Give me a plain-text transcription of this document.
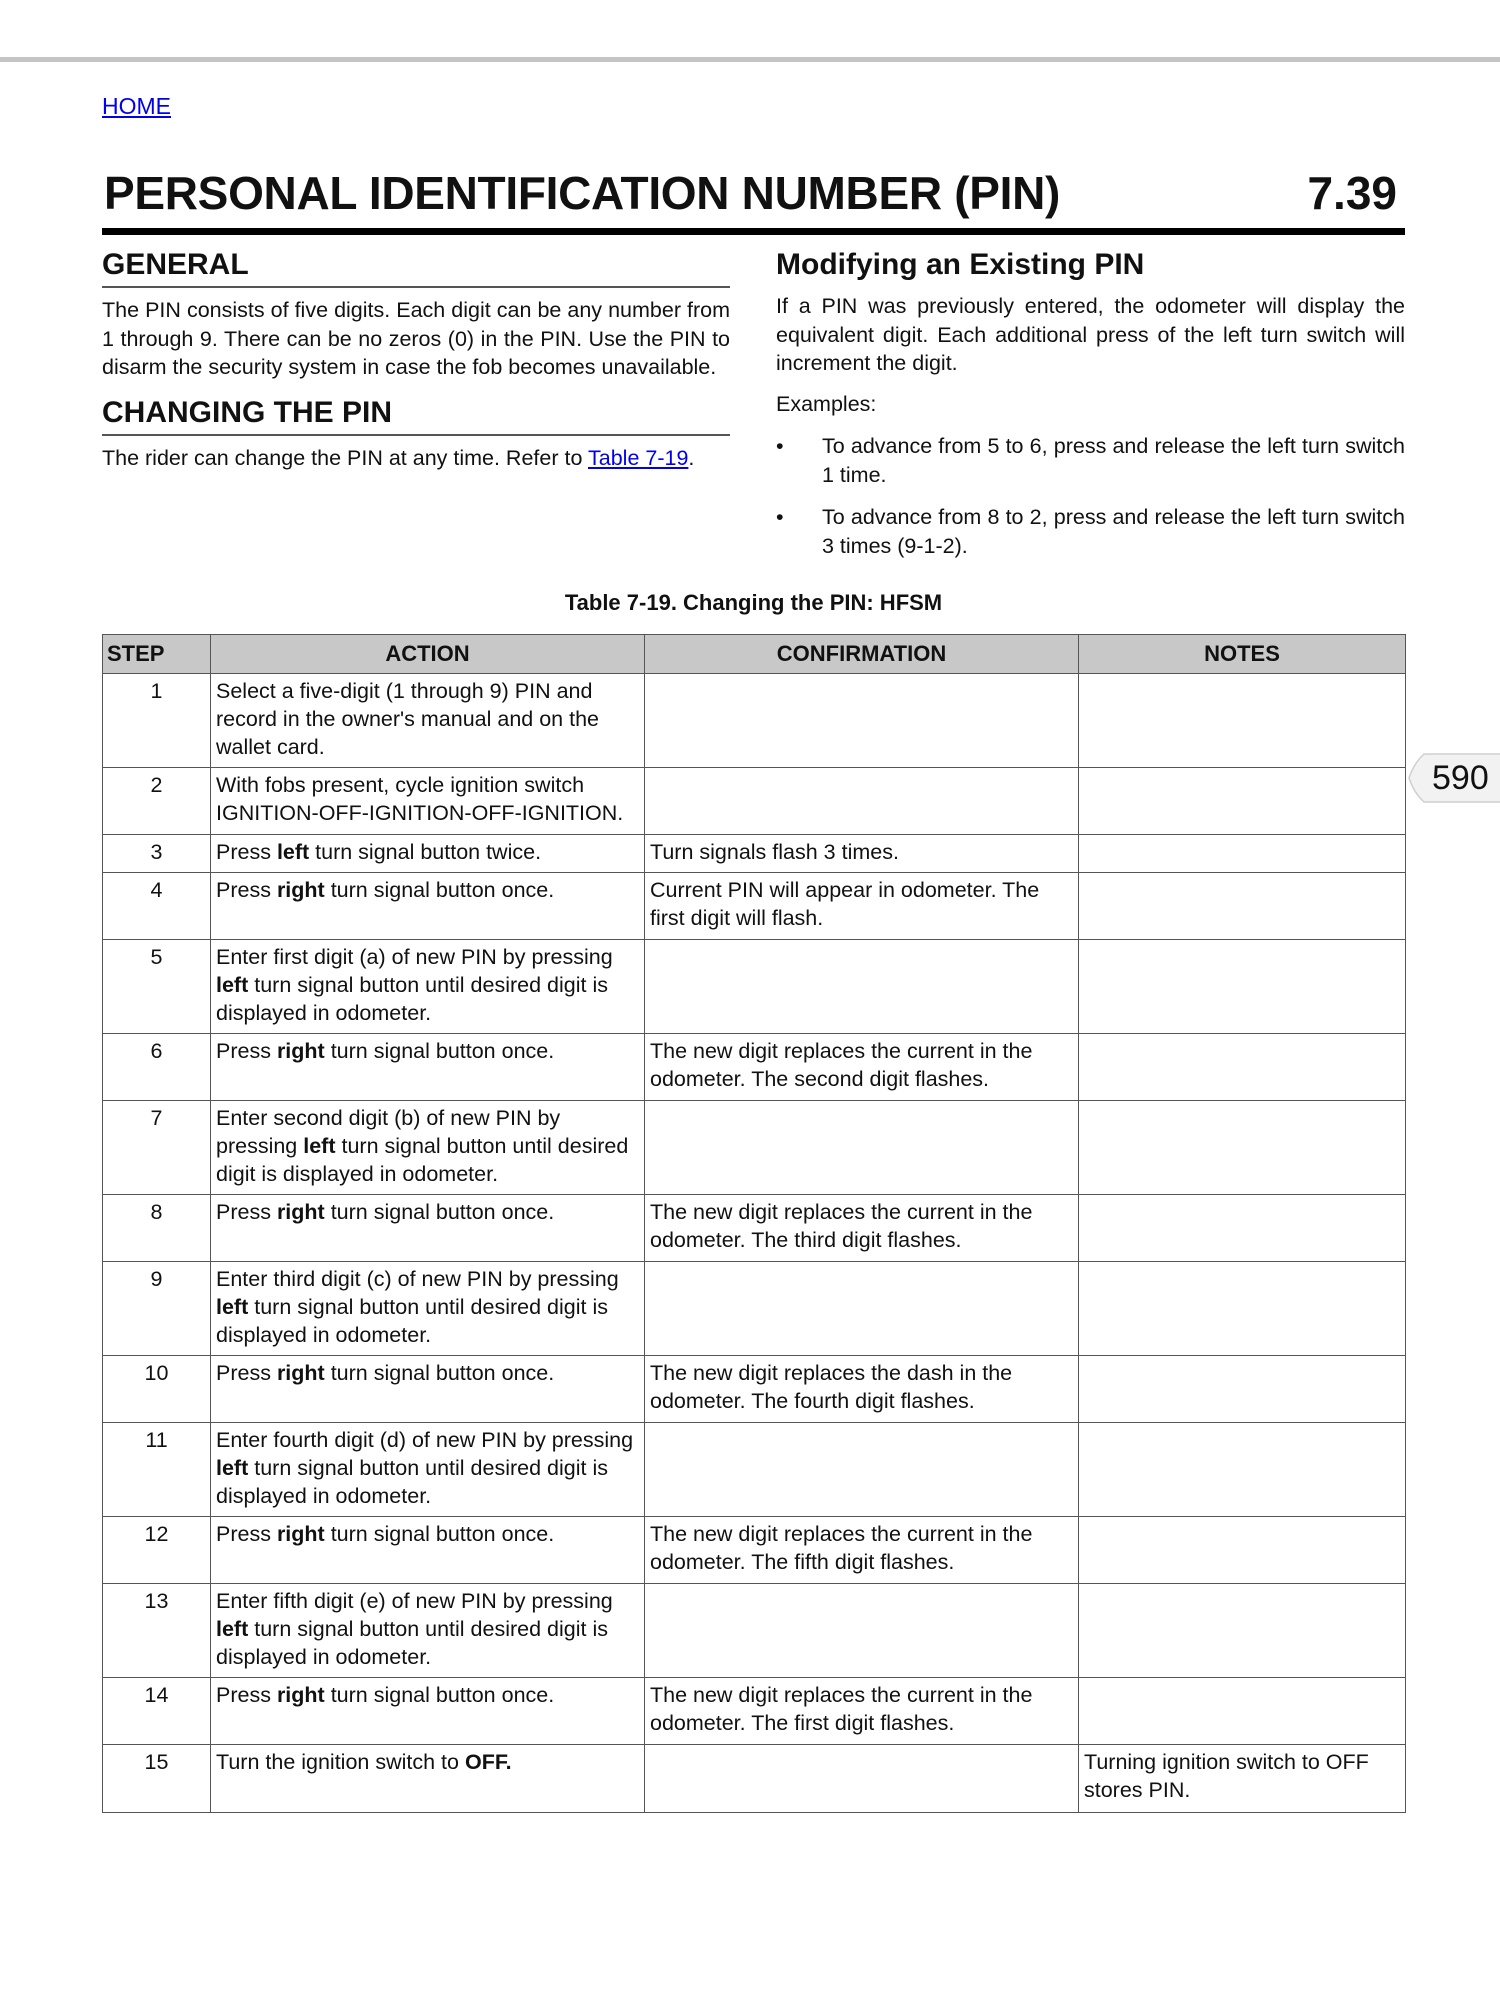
HOME
PERSONAL IDENTIFICATION NUMBER (PIN)	7.39
GENERAL

The PIN consists of five digits. Each digit can be any number from 1 through 9. There can be no zeros (0) in the PIN. Use the PIN to disarm the security system in case the fob becomes unavailable.

CHANGING THE PIN

The rider can change the PIN at any time. Refer to Table 7-19.

Modifying an Existing PIN

If a PIN was previously entered, the odometer will display the equivalent digit. Each additional press of the left turn switch will increment the digit.

Examples:

•	To advance from 5 to 6, press and release the left turn switch 1 time.
•	To advance from 8 to 2, press and release the left turn switch 3 times (9-1-2).
Table 7-19. Changing the PIN: HFSM
STEP	ACTION	CONFIRMATION	NOTES
1	Select a five-digit (1 through 9) PIN and record in the owner's manual and on the wallet card.		
2	With fobs present, cycle ignition switch IGNITION-OFF-IGNITION-OFF-IGNITION.		
3	Press left turn signal button twice.	Turn signals flash 3 times.	
4	Press right turn signal button once.	Current PIN will appear in odometer. The first digit will flash.	
5	Enter first digit (a) of new PIN by pressing left turn signal button until desired digit is displayed in odometer.		
6	Press right turn signal button once.	The new digit replaces the current in the odometer. The second digit flashes.	
7	Enter second digit (b) of new PIN by pressing left turn signal button until desired digit is displayed in odometer.		
8	Press right turn signal button once.	The new digit replaces the current in the odometer. The third digit flashes.	
9	Enter third digit (c) of new PIN by pressing left turn signal button until desired digit is displayed in odometer.		
10	Press right turn signal button once.	The new digit replaces the dash in the odometer. The fourth digit flashes.	
11	Enter fourth digit (d) of new PIN by pressing left turn signal button until desired digit is displayed in odometer.		
12	Press right turn signal button once.	The new digit replaces the current in the odometer. The fifth digit flashes.	
13	Enter fifth digit (e) of new PIN by pressing left turn signal button until desired digit is displayed in odometer.		
14	Press right turn signal button once.	The new digit replaces the current in the odometer. The first digit flashes.	
15	Turn the ignition switch to OFF.		Turning ignition switch to OFF stores PIN.
590
